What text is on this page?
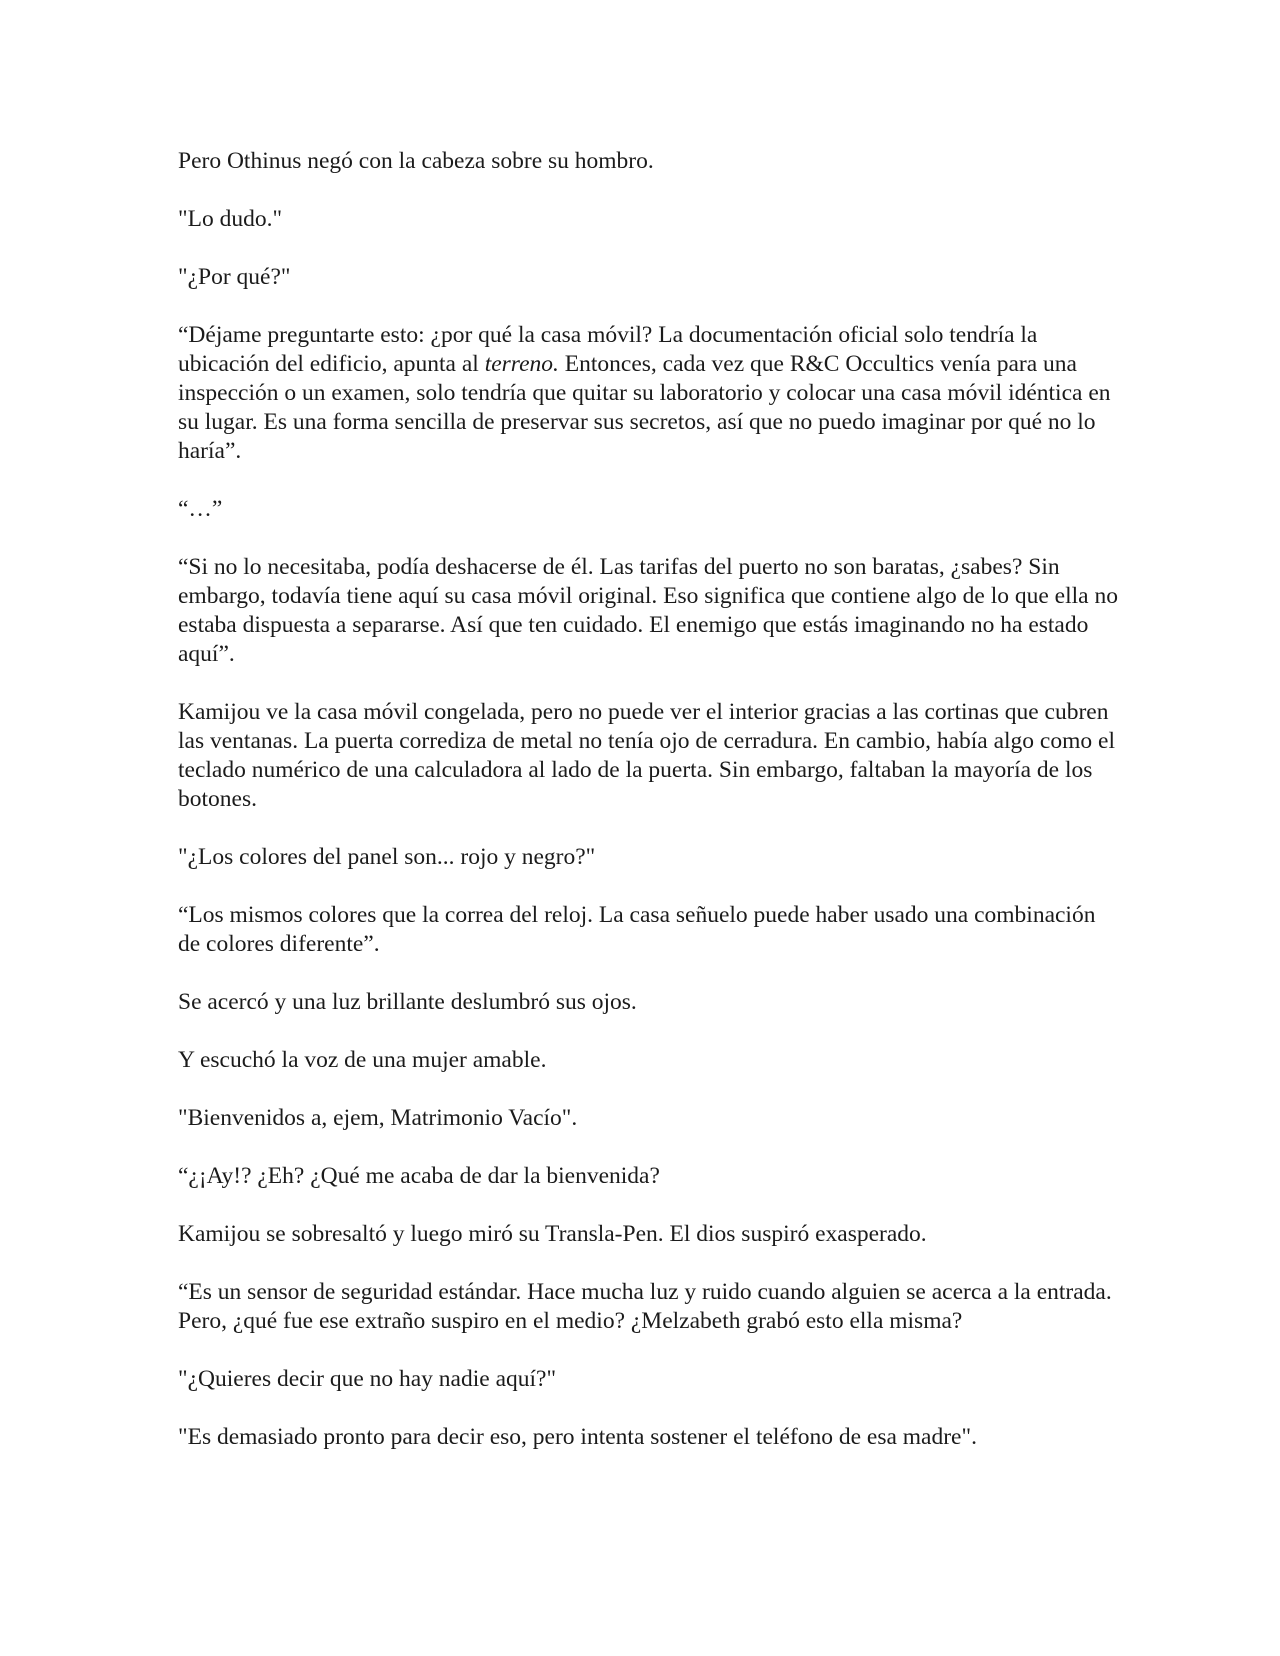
Pero Othinus negó con la cabeza sobre su hombro.

"Lo dudo."

"¿Por qué?"

“Déjame preguntarte esto: ¿por qué la casa móvil? La documentación oficial solo tendría la ubicación del edificio, apunta al terreno. Entonces, cada vez que R&C Occultics venía para una inspección o un examen, solo tendría que quitar su laboratorio y colocar una casa móvil idéntica en su lugar. Es una forma sencilla de preservar sus secretos, así que no puedo imaginar por qué no lo haría”.

“…”

“Si no lo necesitaba, podía deshacerse de él. Las tarifas del puerto no son baratas, ¿sabes? Sin embargo, todavía tiene aquí su casa móvil original. Eso significa que contiene algo de lo que ella no estaba dispuesta a separarse. Así que ten cuidado. El enemigo que estás imaginando no ha estado aquí”.

Kamijou ve la casa móvil congelada, pero no puede ver el interior gracias a las cortinas que cubren las ventanas. La puerta corrediza de metal no tenía ojo de cerradura. En cambio, había algo como el teclado numérico de una calculadora al lado de la puerta. Sin embargo, faltaban la mayoría de los botones.

"¿Los colores del panel son... rojo y negro?"

“Los mismos colores que la correa del reloj. La casa señuelo puede haber usado una combinación de colores diferente”.

Se acercó y una luz brillante deslumbró sus ojos.

Y escuchó la voz de una mujer amable.

"Bienvenidos a, ejem, Matrimonio Vacío".

“¿¡Ay!? ¿Eh? ¿Qué me acaba de dar la bienvenida?

Kamijou se sobresaltó y luego miró su Transla-Pen. El dios suspiró exasperado.

“Es un sensor de seguridad estándar. Hace mucha luz y ruido cuando alguien se acerca a la entrada. Pero, ¿qué fue ese extraño suspiro en el medio? ¿Melzabeth grabó esto ella misma?

"¿Quieres decir que no hay nadie aquí?"

"Es demasiado pronto para decir eso, pero intenta sostener el teléfono de esa madre".
